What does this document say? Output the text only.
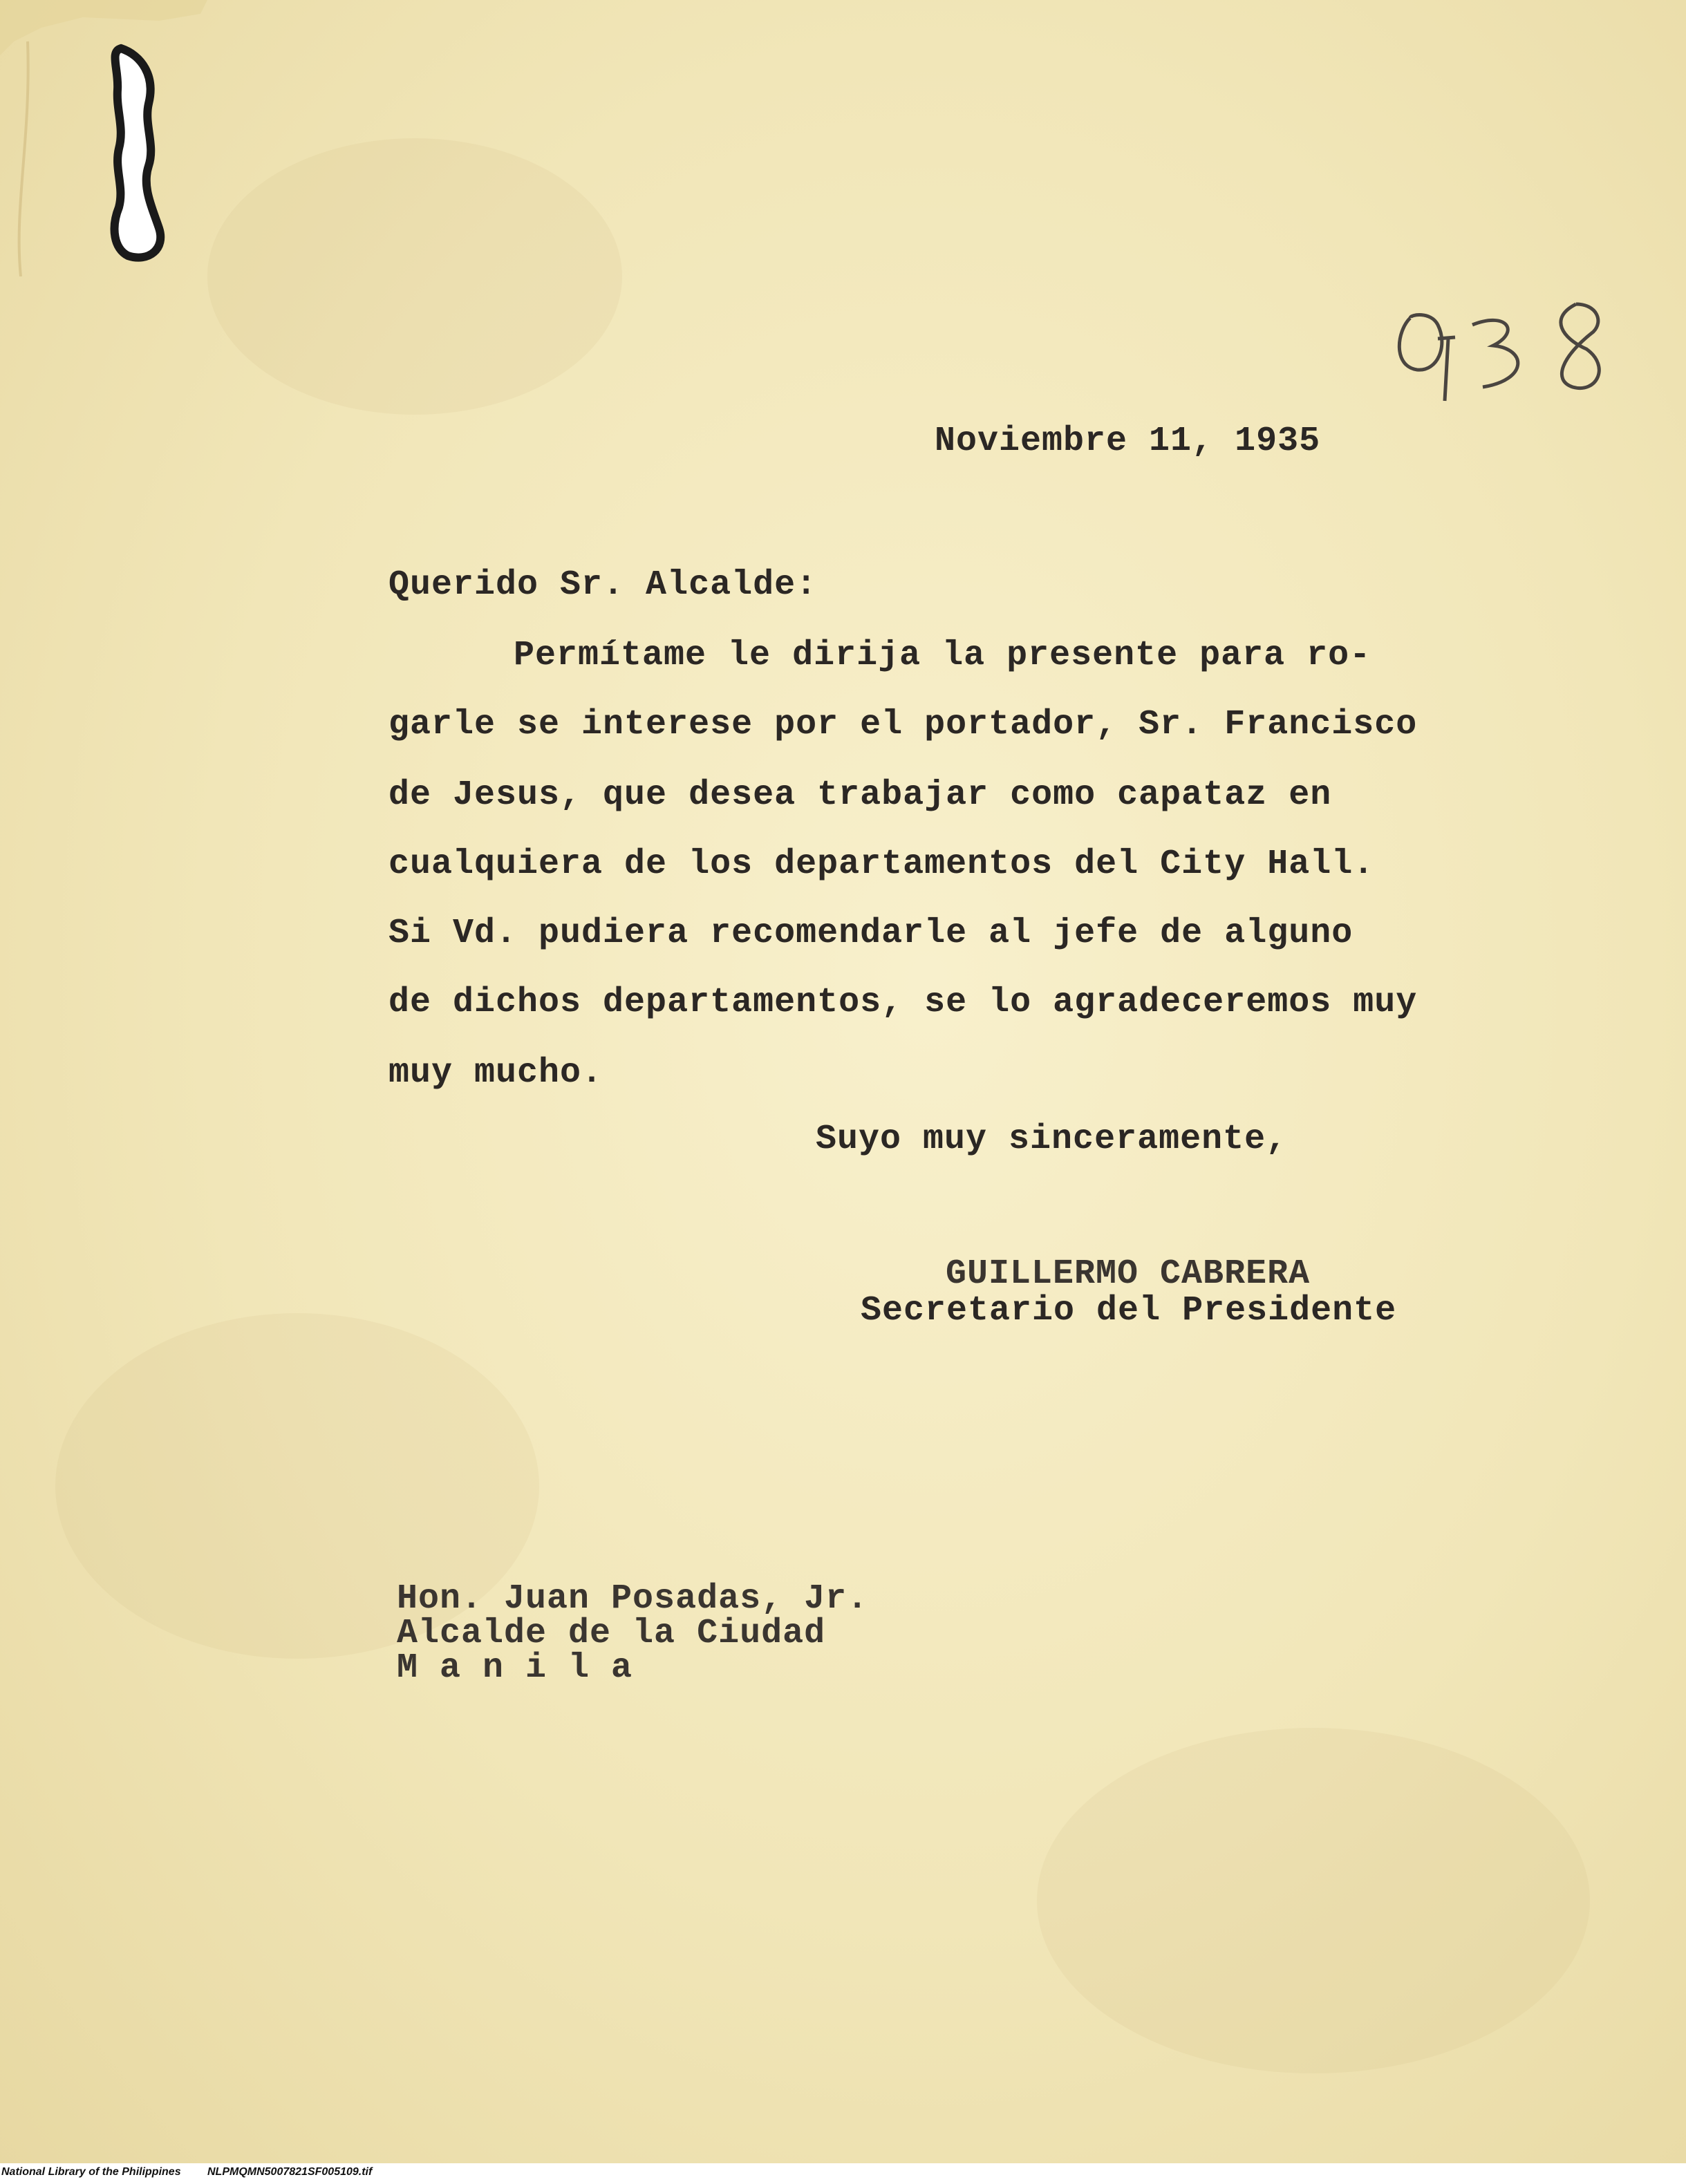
Noviembre 11, 1935
Querido Sr. Alcalde:
Permítame le dirija la presente para ro-
garle se interese por el portador, Sr. Francisco
de Jesus, que desea trabajar como capataz en
cualquiera de los departamentos del City Hall.
Si Vd. pudiera recomendarle al jefe de alguno
de dichos departamentos, se lo agradeceremos muy
muy mucho.
Suyo muy sinceramente,
GUILLERMO CABRERA
Secretario del Presidente
Hon. Juan Posadas, Jr.
Alcalde de la Ciudad
M a n i l a
National Library of the Philippines NLPMQMN5007821SF005109.tif
